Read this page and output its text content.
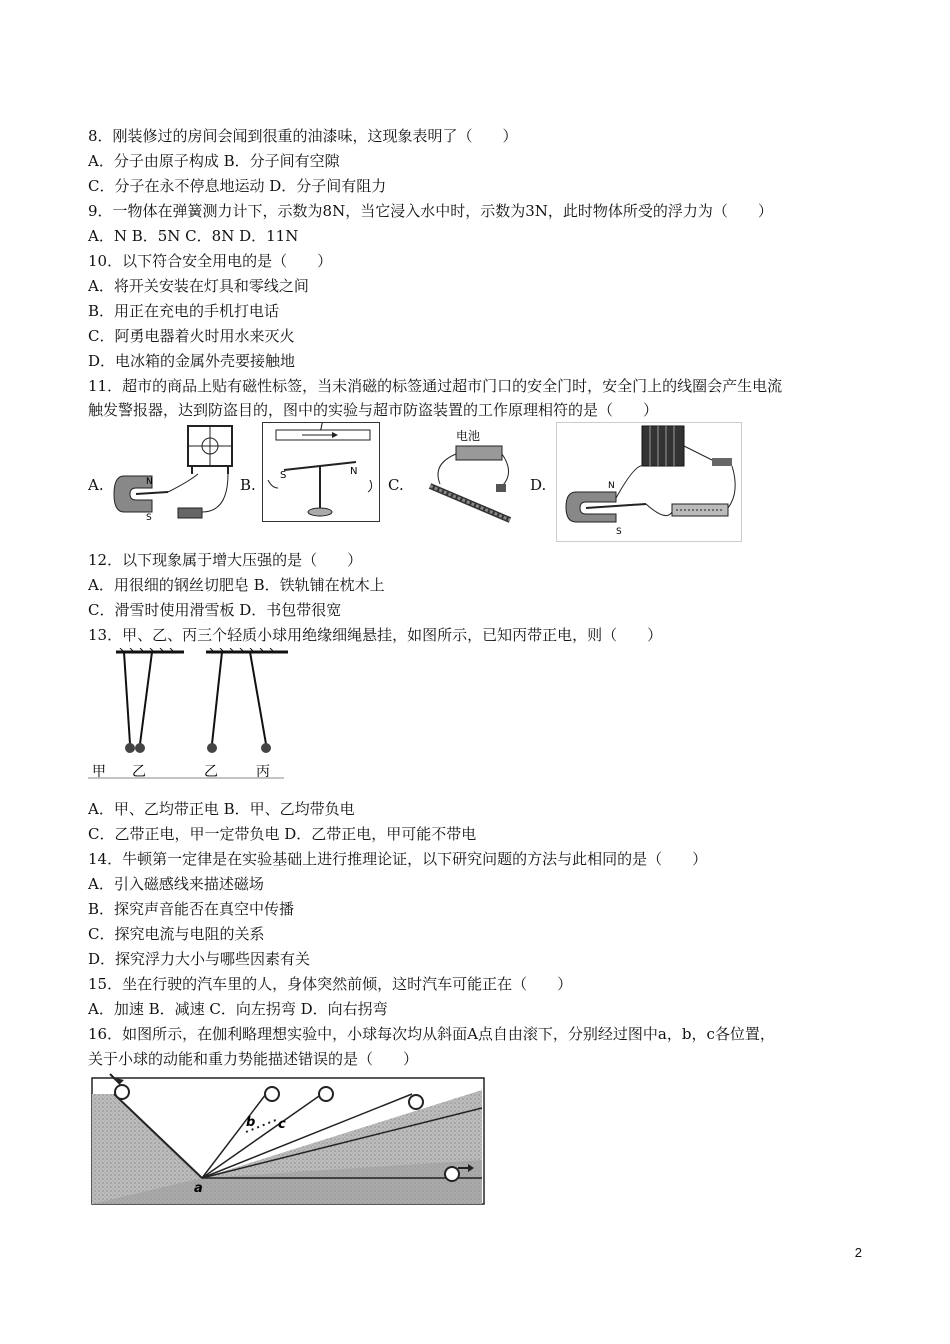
8．刚装修过的房间会闻到很重的油漆味，这现象表明了（　　）
A．分子由原子构成 B．分子间有空隙
C．分子在永不停息地运动 D．分子间有阻力
9．一物体在弹簧测力计下，示数为8N，当它浸入水中时，示数为3N，此时物体所受的浮力为（　　）
A．N B．5N C．8N D．11N
10．以下符合安全用电的是（　　）
A．将开关安装在灯具和零线之间
B．用正在充电的手机打电话
C．阿勇电器着火时用水来灭火
D．电冰箱的金属外壳要接触地
11．超市的商品上贴有磁性标签，当未消磁的标签通过超市门口的安全门时，安全门上的线圈会产生电流
触发警报器，达到防盗目的，图中的实验与超市防盗装置的工作原理相符的是（　　）
A.	B.	C.	D.
N
S
I
S	N
电池
N
S
12．以下现象属于增大压强的是（　　）
A．用很细的钢丝切肥皂 B．铁轨铺在枕木上
C．滑雪时使用滑雪板 D．书包带很宽
13．甲、乙、丙三个轻质小球用绝缘细绳悬挂，如图所示，已知丙带正电，则（　　）
甲 乙	乙	丙
A．甲、乙均带正电 B．甲、乙均带负电
C．乙带正电，甲一定带负电 D．乙带正电，甲可能不带电
14．牛顿第一定律是在实验基础上进行推理论证，以下研究问题的方法与此相同的是（　　）
A．引入磁感线来描述磁场
B．探究声音能否在真空中传播
C．探究电流与电阻的关系
D．探究浮力大小与哪些因素有关
15．坐在行驶的汽车里的人，身体突然前倾，这时汽车可能正在（　　）
A．加速 B．减速 C．向左拐弯 D．向右拐弯
16．如图所示，在伽利略理想实验中，小球每次均从斜面A点自由滚下，分别经过图中a，b，c各位置，
关于小球的动能和重力势能描述错误的是（　　）
a
b c
2
